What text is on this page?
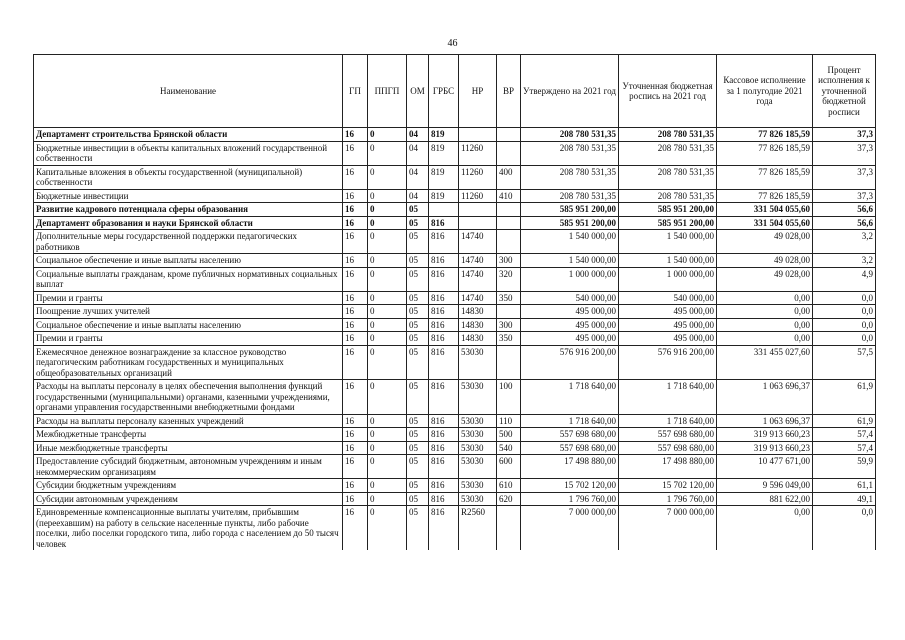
46
Наименование	ГП	ППГП	ОМ	ГРБС	НР	ВР	Утверждено на 2021 год	Уточненная бюджетная роспись на 2021 год	Кассовое исполнение за 1 полугодие 2021 года	Процент исполнения к уточненной бюджетной росписи
Департамент строительства Брянской области	16	0	04	819			208 780 531,35	208 780 531,35	77 826 185,59	37,3
Бюджетные инвестиции в объекты капитальных вложений государственной собственности	16	0	04	819	11260		208 780 531,35	208 780 531,35	77 826 185,59	37,3
Капитальные вложения в объекты государственной (муниципальной) собственности	16	0	04	819	11260	400	208 780 531,35	208 780 531,35	77 826 185,59	37,3
Бюджетные инвестиции	16	0	04	819	11260	410	208 780 531,35	208 780 531,35	77 826 185,59	37,3
Развитие кадрового потенциала сферы образования	16	0	05				585 951 200,00	585 951 200,00	331 504 055,60	56,6
Департамент образования и науки Брянской области	16	0	05	816			585 951 200,00	585 951 200,00	331 504 055,60	56,6
Дополнительные меры государственной поддержки педагогических работников	16	0	05	816	14740		1 540 000,00	1 540 000,00	49 028,00	3,2
Социальное обеспечение и иные выплаты населению	16	0	05	816	14740	300	1 540 000,00	1 540 000,00	49 028,00	3,2
Социальные выплаты гражданам, кроме публичных нормативных социальных выплат	16	0	05	816	14740	320	1 000 000,00	1 000 000,00	49 028,00	4,9
Премии и гранты	16	0	05	816	14740	350	540 000,00	540 000,00	0,00	0,0
Поощрение лучших учителей	16	0	05	816	14830		495 000,00	495 000,00	0,00	0,0
Социальное обеспечение и иные выплаты населению	16	0	05	816	14830	300	495 000,00	495 000,00	0,00	0,0
Премии и гранты	16	0	05	816	14830	350	495 000,00	495 000,00	0,00	0,0
Ежемесячное денежное вознаграждение за классное руководство педагогическим работникам государственных и муниципальных общеобразовательных организаций	16	0	05	816	53030		576 916 200,00	576 916 200,00	331 455 027,60	57,5
Расходы на выплаты персоналу в целях обеспечения выполнения функций государственными (муниципальными) органами, казенными учреждениями, органами управления государственными внебюджетными фондами	16	0	05	816	53030	100	1 718 640,00	1 718 640,00	1 063 696,37	61,9
Расходы на выплаты персоналу казенных учреждений	16	0	05	816	53030	110	1 718 640,00	1 718 640,00	1 063 696,37	61,9
Межбюджетные трансферты	16	0	05	816	53030	500	557 698 680,00	557 698 680,00	319 913 660,23	57,4
Иные межбюджетные трансферты	16	0	05	816	53030	540	557 698 680,00	557 698 680,00	319 913 660,23	57,4
Предоставление субсидий бюджетным, автономным учреждениям и иным некоммерческим организациям	16	0	05	816	53030	600	17 498 880,00	17 498 880,00	10 477 671,00	59,9
Субсидии бюджетным учреждениям	16	0	05	816	53030	610	15 702 120,00	15 702 120,00	9 596 049,00	61,1
Субсидии автономным учреждениям	16	0	05	816	53030	620	1 796 760,00	1 796 760,00	881 622,00	49,1
Единовременные компенсационные выплаты учителям, прибывшим (переехавшим) на работу в сельские населенные пункты, либо рабочие поселки, либо поселки городского типа, либо города с населением до 50 тысяч человек	16	0	05	816	R2560		7 000 000,00	7 000 000,00	0,00	0,0
